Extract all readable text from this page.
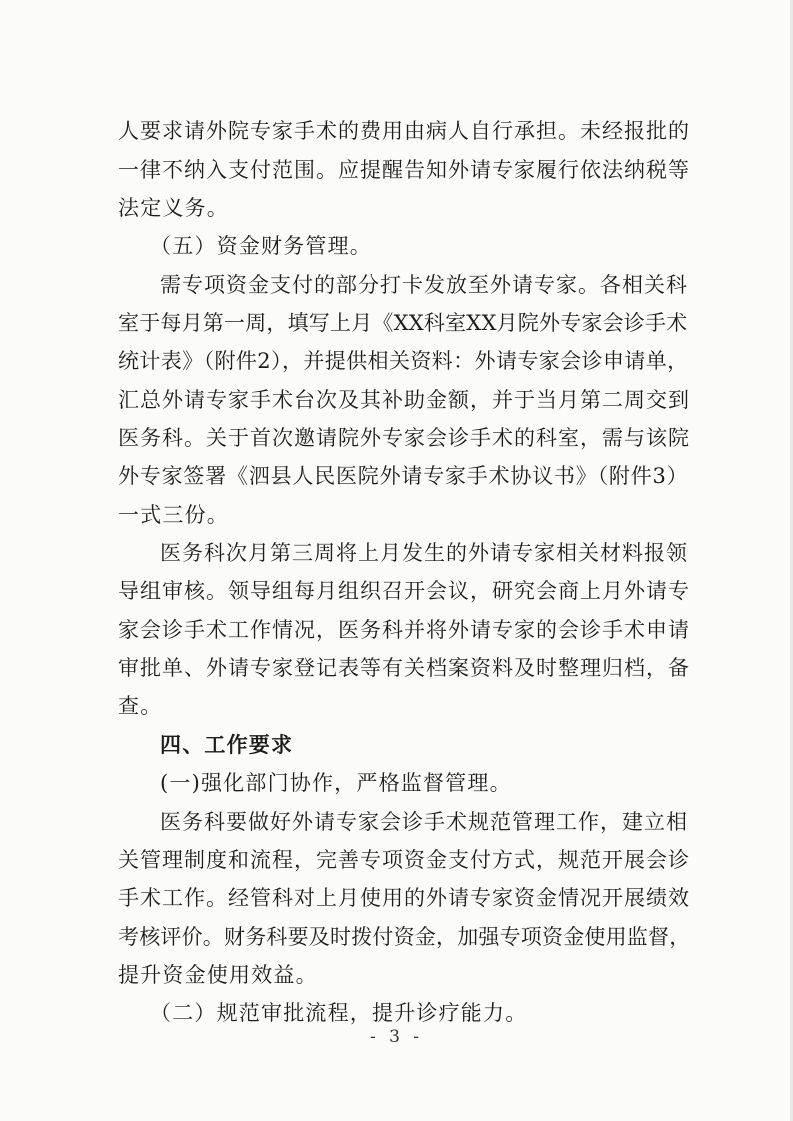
人要求请外院专家手术的费用由病人自行承担。未经报批的
一律不纳入支付范围。应提醒告知外请专家履行依法纳税等
法定义务。
（五）资金财务管理。
需专项资金支付的部分打卡发放至外请专家。各相关科
室于每月第一周，填写上月《XX科室XX月院外专家会诊手术
统计表》（附件2），并提供相关资料：外请专家会诊申请单，
汇总外请专家手术台次及其补助金额，并于当月第二周交到
医务科。关于首次邀请院外专家会诊手术的科室，需与该院
外专家签署《泗县人民医院外请专家手术协议书》（附件3）
一式三份。
医务科次月第三周将上月发生的外请专家相关材料报领
导组审核。领导组每月组织召开会议，研究会商上月外请专
家会诊手术工作情况，医务科并将外请专家的会诊手术申请
审批单、外请专家登记表等有关档案资料及时整理归档，备
查。
四、工作要求
(一)强化部门协作，严格监督管理。
医务科要做好外请专家会诊手术规范管理工作，建立相
关管理制度和流程，完善专项资金支付方式，规范开展会诊
手术工作。经管科对上月使用的外请专家资金情况开展绩效
考核评价。财务科要及时拨付资金，加强专项资金使用监督，
提升资金使用效益。
（二）规范审批流程，提升诊疗能力。
- 3 -
